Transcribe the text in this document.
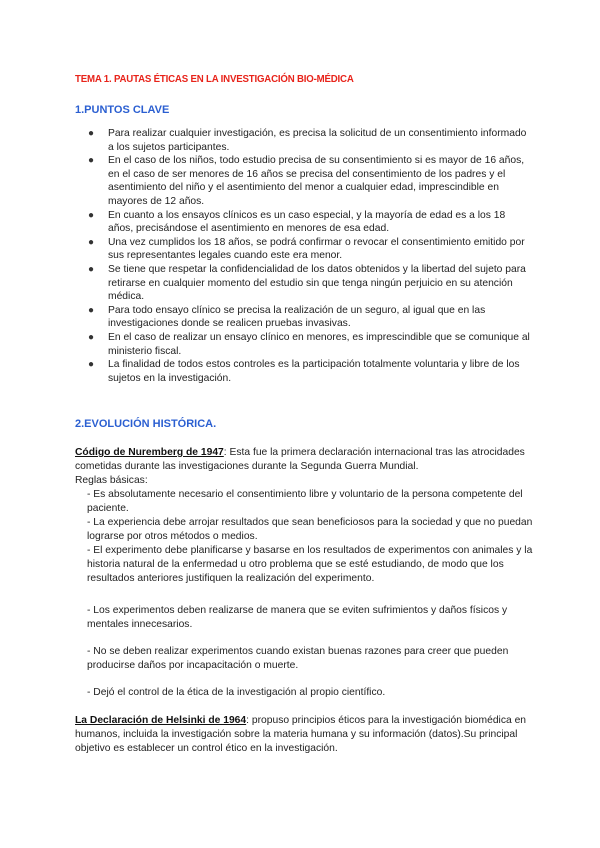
TEMA 1. PAUTAS ÉTICAS EN LA INVESTIGACIÓN BIO-MÉDICA
1.PUNTOS CLAVE
● Para realizar cualquier investigación, es precisa la solicitud de un consentimiento informado a los sujetos participantes.
● En el caso de los niños, todo estudio precisa de su consentimiento si es mayor de 16 años, en el caso de ser menores de 16 años se precisa del consentimiento de los padres y el asentimiento del niño y el asentimiento del menor a cualquier edad, imprescindible en mayores de 12 años.
● En cuanto a los ensayos clínicos es un caso especial, y la mayoría de edad es a los 18 años, precisándose el asentimiento en menores de esa edad.
● Una vez cumplidos los 18 años, se podrá confirmar o revocar el consentimiento emitido por sus representantes legales cuando este era menor.
● Se tiene que respetar la confidencialidad de los datos obtenidos y la libertad del sujeto para retirarse en cualquier momento del estudio sin que tenga ningún perjuicio en su atención médica.
● Para todo ensayo clínico se precisa la realización de un seguro, al igual que en las investigaciones donde se realicen pruebas invasivas.
● En el caso de realizar un ensayo clínico en menores, es imprescindible que se comunique al ministerio fiscal.
● La finalidad de todos estos controles es la participación totalmente voluntaria y libre de los sujetos en la investigación.
2.EVOLUCIÓN HISTÓRICA.
Código de Nuremberg de 1947: Esta fue la primera declaración internacional tras las atrocidades cometidas durante las investigaciones durante la Segunda Guerra Mundial.
Reglas básicas:
- Es absolutamente necesario el consentimiento libre y voluntario de la persona competente del paciente.
- La experiencia debe arrojar resultados que sean beneficiosos para la sociedad y que no puedan lograrse por otros métodos o medios.
- El experimento debe planificarse y basarse en los resultados de experimentos con animales y la historia natural de la enfermedad u otro problema que se esté estudiando, de modo que los resultados anteriores justifiquen la realización del experimento.
- Los experimentos deben realizarse de manera que se eviten sufrimientos y daños físicos y mentales innecesarios.
- No se deben realizar experimentos cuando existan buenas razones para creer que pueden producirse daños por incapacitación o muerte.
- Dejó el control de la ética de la investigación al propio científico.
La Declaración de Helsinki de 1964: propuso principios éticos para la investigación biomédica en humanos, incluida la investigación sobre la materia humana y su información (datos).Su principal objetivo es establecer un control ético en la investigación.
